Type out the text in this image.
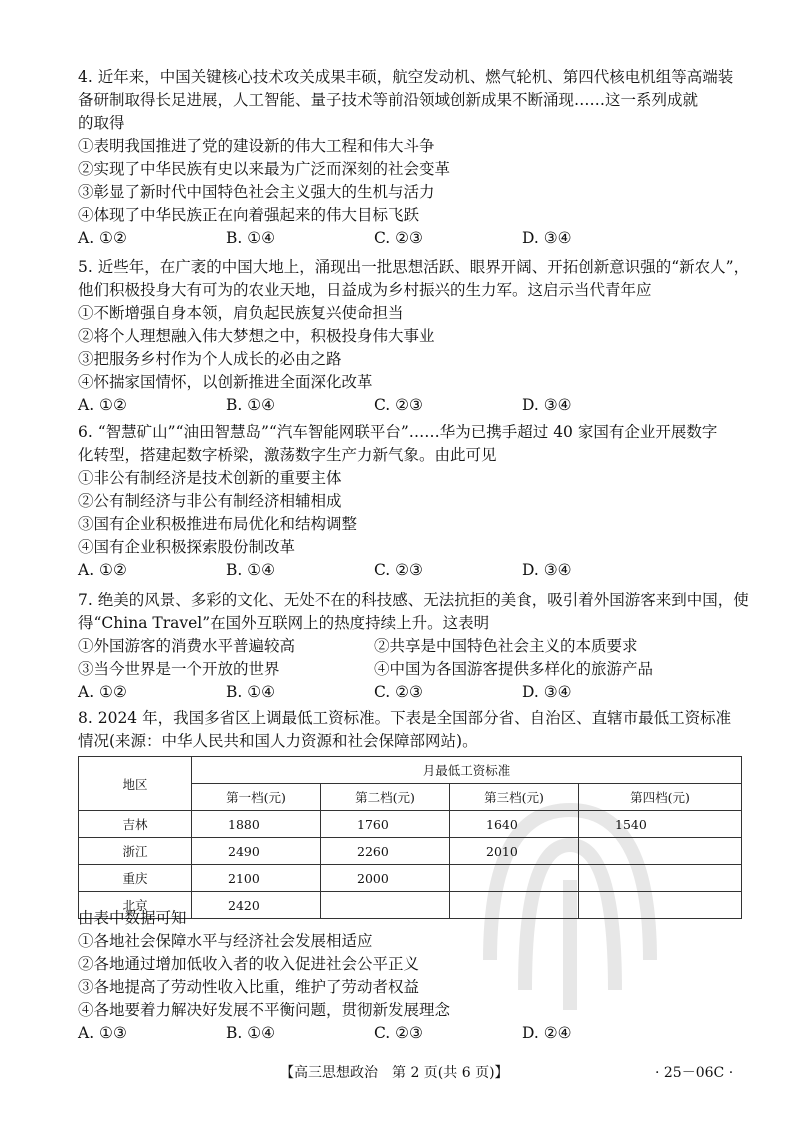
4. 近年来，中国关键核心技术攻关成果丰硕，航空发动机、燃气轮机、第四代核电机组等高端装
备研制取得长足进展，人工智能、量子技术等前沿领域创新成果不断涌现……这一系列成就
的取得
①表明我国推进了党的建设新的伟大工程和伟大斗争
②实现了中华民族有史以来最为广泛而深刻的社会变革
③彰显了新时代中国特色社会主义强大的生机与活力
④体现了中华民族正在向着强起来的伟大目标飞跃
A. ①②	B. ①④	C. ②③	D. ③④
5. 近些年，在广袤的中国大地上，涌现出一批思想活跃、眼界开阔、开拓创新意识强的“新农人”，
他们积极投身大有可为的农业天地，日益成为乡村振兴的生力军。这启示当代青年应
①不断增强自身本领，肩负起民族复兴使命担当
②将个人理想融入伟大梦想之中，积极投身伟大事业
③把服务乡村作为个人成长的必由之路
④怀揣家国情怀，以创新推进全面深化改革
A. ①②	B. ①④	C. ②③	D. ③④
6. “智慧矿山”“油田智慧岛”“汽车智能网联平台”……华为已携手超过 40 家国有企业开展数字
化转型，搭建起数字桥梁，激荡数字生产力新气象。由此可见
①非公有制经济是技术创新的重要主体
②公有制经济与非公有制经济相辅相成
③国有企业积极推进布局优化和结构调整
④国有企业积极探索股份制改革
A. ①②	B. ①④	C. ②③	D. ③④
7. 绝美的风景、多彩的文化、无处不在的科技感、无法抗拒的美食，吸引着外国游客来到中国，使
得“China Travel”在国外互联网上的热度持续上升。这表明
①外国游客的消费水平普遍较高	②共享是中国特色社会主义的本质要求
③当今世界是一个开放的世界	④中国为各国游客提供多样化的旅游产品
A. ①②	B. ①④	C. ②③	D. ③④
8. 2024 年，我国多省区上调最低工资标准。下表是全国部分省、自治区、直辖市最低工资标准
情况(来源：中华人民共和国人力资源和社会保障部网站)。
地区	月最低工资标准			
	第一档(元)	第二档(元)	第三档(元)	第四档(元)
吉林	1880	1760	1640	1540
浙江	2490	2260	2010	
重庆	2100	2000		
北京	2420			
由表中数据可知
①各地社会保障水平与经济社会发展相适应
②各地通过增加低收入者的收入促进社会公平正义
③各地提高了劳动性收入比重，维护了劳动者权益
④各地要着力解决好发展不平衡问题，贯彻新发展理念
A. ①③	B. ①④	C. ②③	D. ②④
【高三思想政治　第 2 页(共 6 页)】	· 25－06C ·
